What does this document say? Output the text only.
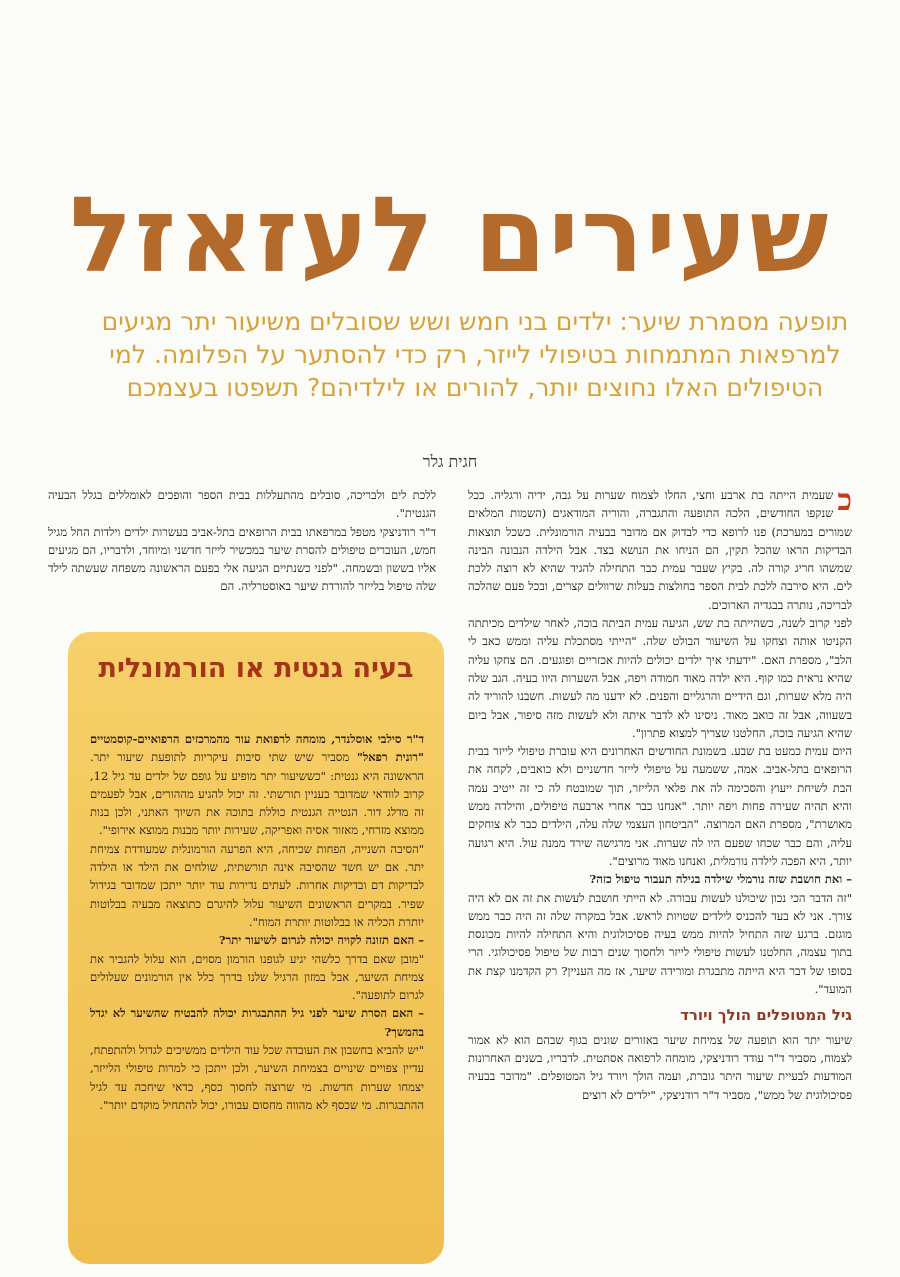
שעירים לעזאזל
תופעה מסמרת שיער: ילדים בני חמש ושש שסובלים משיעור יתר מגיעים למרפאות המתמחות בטיפולי לייזר, רק כדי להסתער על הפלומה. למי הטיפולים האלו נחוצים יותר, להורים או לילדיהם? תשפטו בעצמכם
חגית גלר

כ
שעמית הייתה בת ארבע וחצי, החלו לצמוח שערות על גבה, ידיה ורגליה. ככל שנקפו החודשים, הלכה התופעה והתגברה, והוריה המודאגים (השמות המלאים שמורים במערכת) פנו לרופא כדי לבדוק אם מדובר בבעיה הורמונלית. כשכל תוצאות הבדיקות הראו שהכל תקין, הם הניחו את הנושא בצד. אבל הילדה הנבונה הבינה שמשהו חריג קורה לה. בקיץ שעבר עמית כבר התחילה להגיד שהיא לא רוצה ללכת לים. היא סירבה ללכת לבית הספר בחולצות בעלות שרוולים קצרים, ובכל פעם שהלכה לבריכה, נותרה בבגדיה הארוכים.

לפני קרוב לשנה, כשהייתה בת שש, הגיעה עמית הביתה בוכה, לאחר שילדים מכיתתה הקניטו אותה וצחקו על השיעור הבולט שלה. "הייתי מסתכלת עליה וממש כאב לי הלב", מספרת האם. "ידעתי איך ילדים יכולים להיות אכזריים ופוגעים. הם צחקו עליה שהיא נראית כמו קוף. היא ילדה מאוד חמודה ויפה, אבל השערות היוו בעיה. הגב שלה היה מלא שערות, וגם הידיים והרגליים והפנים. לא ידענו מה לעשות. חשבנו להוריד לה בשעווה, אבל זה כואב מאוד. ניסינו לא לדבר איתה ולא לעשות מזה סיפור, אבל ביום שהיא הגיעה בוכה, החלטנו שצריך למצוא פתרון".

היום עמית כמעט בת שבע. בשמונת החודשים האחרונים היא עוברת טיפולי לייזר בבית הרופאים בתל-אביב. אמה, ששמעה על טיפולי לייזר חדשניים ולא כואבים, לקחה את הבת לשיחת ייעוץ והסכימה לה את פלאי הלייזר, תוך שמובטח לה כי זה ייטיב עמה והיא תהיה שעירה פחות ויפה יותר. "אנחנו כבר אחרי ארבעה טיפולים, והילדה ממש מאושרת", מספרת האם המרוצה. "הביטחון העצמי שלה עלה, הילדים כבר לא צוחקים עליה, והם כבר שכחו שפעם היו לה שערות. אני מרגישה שירד ממנה עול. היא רגועה יותר, היא הפכה לילדה נורמלית, ואנחנו מאוד מרוצים".

– ואת חושבת שזה נורמלי שילדה בגילה תעבור טיפול כזה?

"זה הדבר הכי נכון שיכולנו לעשות עבורה. לא הייתי חושבת לעשות את זה אם לא היה צורך. אני לא בעד להכניס לילדים שטויות לראש. אבל במקרה שלה זה היה כבר ממש מוגזם. ברגע שזה התחיל להיות ממש בעיה פסיכולוגית והיא התחילה להיות מכונסת בתוך עצמה, החלטנו לעשות טיפולי לייזר ולחסוך שנים רבות של טיפול פסיכולוגי. הרי בסופו של דבר היא הייתה מתבגרת ומורידה שיער, אז מה העניין? רק הקדמנו קצת את המועד".

גיל המטופלים הולך ויורד

שיעור יתר הוא תופעה של צמיחת שיער באזורים שונים בגוף שבהם הוא לא אמור לצמוח, מסביר ד"ר עודד רודניצקי, מומחה לרפואה אסתטית. לדבריו, בשנים האחרונות המודעות לבעיית שיעור היתר גוברת, ועמה הולך ויורד גיל המטופלים. "מדובר בבעיה פסיכולוגית של ממש", מסביר ד"ר רודניצקי, "ילדים לא רוצים

ללכת לים ולבריכה, סובלים מהתעללות בבית הספר והופכים לאומללים בגלל הבעיה הגנטית".

ד"ר רודניצקי מטפל במרפאתו בבית הרופאים בתל-אביב בעשרות ילדים וילדות החל מגיל חמש, העוברים טיפולים להסרת שיער במכשיר לייזר חדשני ומיוחד, ולדבריו, הם מגיעים אליו בששון ובשמחה. "לפני כשנתיים הגיעה אלי בפעם הראשונה משפחה שעשתה לילד שלה טיפול בלייזר להורדת שיער באוסטרליה. הם

בעיה גנטית או הורמונלית

ד"ר סילבי אוסלנדר, מומחה לרפואת עור מהמרכזים הרפואיים-קוסמטיים "רונית רפאל" מסביר שיש שתי סיבות עיקריות לתופעת שיעור יתר. הראשונה היא גנטית: "כששיעור יתר מופיע על גופם של ילדים עד גיל 12, קרוב לוודאי שמדובר בעניין תורשתי. זה יכול להגיע מההורים, אבל לפעמים זה מדלג דור. הנטייה הגנטית כוללת בתוכה את השיוך האתני, ולכן בנות ממוצא מזרחי, מאזור אסיה ואפריקה, שעירות יותר מבנות ממוצא אירופי".

"הסיבה השנייה, הפחות שכיחה, היא הפרעה הורמונלית שמעודדת צמיחת יתר. אם יש חשד שהסיבה אינה תורשתית, שולחים את הילד או הילדה לבדיקות דם ובדיקות אחרות. לעתים נדירות עוד יותר ייתכן שמדובר בגידול שפיר. במקרים הראשונים השיעור עלול להיגרם כתוצאה מבעיה בבלוטות יותרת הכליה או בבלוטות יותרת המוח".

– האם תזונה לקויה יכולה לגרום לשיעור יתר?

"מובן שאם בדרך כלשהי יגיע לגופנו הורמון מסוים, הוא עלול להגביר את צמיחת השיער, אבל במזון הרגיל שלנו בדרך כלל אין הורמונים שעלולים לגרום לתופעה".

– האם הסרת שיער לפני גיל ההתבגרות יכולה להבטיח שהשיער לא יגדל בהמשך?

"יש להביא בחשבון את העובדה שכל עוד הילדים ממשיכים לגדול ולהתפתח, עדיין צפויים שינויים בצמיחת השיער, ולכן ייתכן כי למרות טיפולי הלייזר, יצמחו שערות חדשות. מי שרוצה לחסוך כסף, כדאי שיחכה עד לגיל ההתבגרות. מי שכסף לא מהווה מחסום עבורו, יכול להתחיל מוקדם יותר".
